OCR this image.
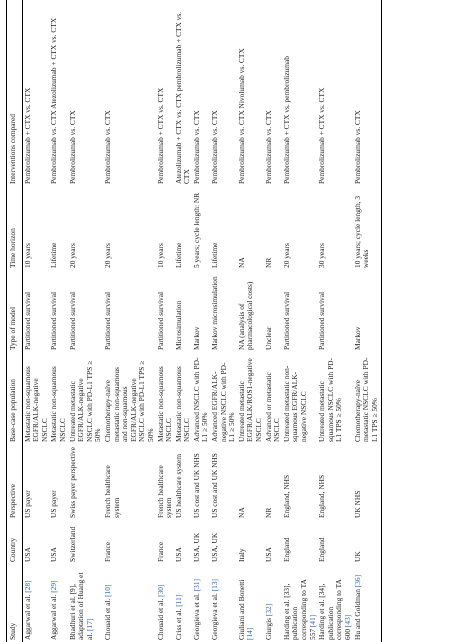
Study	Country	Perspective	Base-case population	Type of model	Time horizon	Interventions compared
Aggarwal et al. [28]	USA	US payer	Metastatic non-squamous EGFR/ALK-negative NSCLC	Partitioned survival	10 years	Pembrolizumab + CTX vs. CTX
Aggarwal et al. [29]	USA	US payer	Metastatic non-squamous NSCLC	Partitioned survival	Lifetime	Pembrolizumab vs. CTX Atezolizumab + CTX vs. CTX
Bhadhuri et al. [9], adaptation of Huang et al. [17]	Switzerland	Swiss payer perspective	Untreated metastatic EGFR/ALK-negative NSCLC with PD-L1 TPS ≥ 50%	Partitioned survival	20 years	Pembrolizumab vs. CTX
Chouaid et al. [10]	France	French healthcare system	Chemotherapy-naïve metastatic non-squamous and non-squamous EGFR/ALK-negative NSCLC with PD-L1 TPS ≥ 50%	Partitioned survival	20 years	Pembrolizumab vs. CTX
Chouaid et al. [30]	France	French healthcare system	Metastatic non-squamous NSCLC	Partitioned survival	10 years	Pembrolizumab + CTX vs. CTX
Criss et al. [11]	USA	US healthcare system	Metastatic non-squamous NSCLC	Microsimulation	Lifetime	Atezolizumab + CTX vs. CTX pembrolizumab + CTX vs. CTX
Georgieva et al. [31]	USA, UK	US cost and UK NHS	Advanced NSCLC with PD-L1 ≥ 50%	Markov	5 years; cycle length: NR	Pembrolizumab vs. CTX
Georgieva et al. [13]	USA, UK	US cost and UK NHS	Advanced EGFR/ALK-negative NSCLC with PD-L1 ≥ 50%	Markov microsimulation	Lifetime	Pembrolizumab vs. CTX
Giuliani and Bonetti [14]	Italy	NA	Untreated metastatic EGFR/ALK/ROS1-negative NSCLC	NA (analysis of pharmacological costs)	NA	Pembrolizumab vs. CTX Nivolumab vs. CTX
Giurgis [32]	USA	NR	Advanced or metastatic NSCLC	Unclear	NR	Pembrolizumab vs. CTX
Harding et al. [33], publication corresponding to TA 557 [41]	England	England, NHS	Untreated metastatic non-squamous EGFR/ALK-negative NSCLC	Partitioned survival	20 years	Pembrolizumab + CTX vs. pembrolizumab
Harding et al. [34], publication corresponding to TA 600 [43]	England	England, NHS	Untreated metastatic squamous NSCLC with PD-L1 TPS ≥ 50%	Partitioned survival	30 years	Pembrolizumab + CTX vs. CTX
Hu and Goldman [36]	UK	UK NHS	Chemotherapy-naïve metastatic NSCLC with PD-L1 TPS ≥ 50%	Markov	10 years; cycle length, 3 weeks	Pembrolizumab vs. CTX
